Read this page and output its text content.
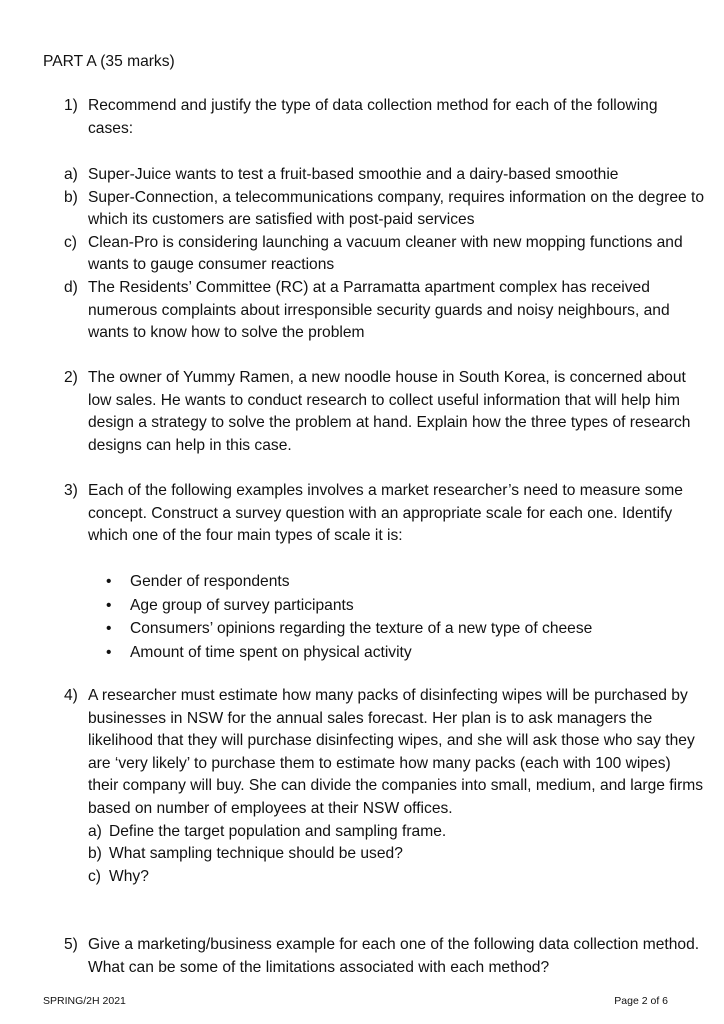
PART A (35 marks)
1) Recommend and justify the type of data collection method for each of the following cases:
a) Super-Juice wants to test a fruit-based smoothie and a dairy-based smoothie
b) Super-Connection, a telecommunications company, requires information on the degree to which its customers are satisfied with post-paid services
c) Clean-Pro is considering launching a vacuum cleaner with new mopping functions and wants to gauge consumer reactions
d) The Residents’ Committee (RC) at a Parramatta apartment complex has received numerous complaints about irresponsible security guards and noisy neighbours, and wants to know how to solve the problem
2) The owner of Yummy Ramen, a new noodle house in South Korea, is concerned about low sales. He wants to conduct research to collect useful information that will help him design a strategy to solve the problem at hand. Explain how the three types of research designs can help in this case.
3) Each of the following examples involves a market researcher’s need to measure some concept. Construct a survey question with an appropriate scale for each one. Identify which one of the four main types of scale it is:
• Gender of respondents
• Age group of survey participants
• Consumers’ opinions regarding the texture of a new type of cheese
• Amount of time spent on physical activity
4) A researcher must estimate how many packs of disinfecting wipes will be purchased by businesses in NSW for the annual sales forecast. Her plan is to ask managers the likelihood that they will purchase disinfecting wipes, and she will ask those who say they are ‘very likely’ to purchase them to estimate how many packs (each with 100 wipes) their company will buy. She can divide the companies into small, medium, and large firms based on number of employees at their NSW offices.
a) Define the target population and sampling frame.
b) What sampling technique should be used?
c) Why?
5) Give a marketing/business example for each one of the following data collection method. What can be some of the limitations associated with each method?
SPRING/2H 2021	Page 2 of 6
